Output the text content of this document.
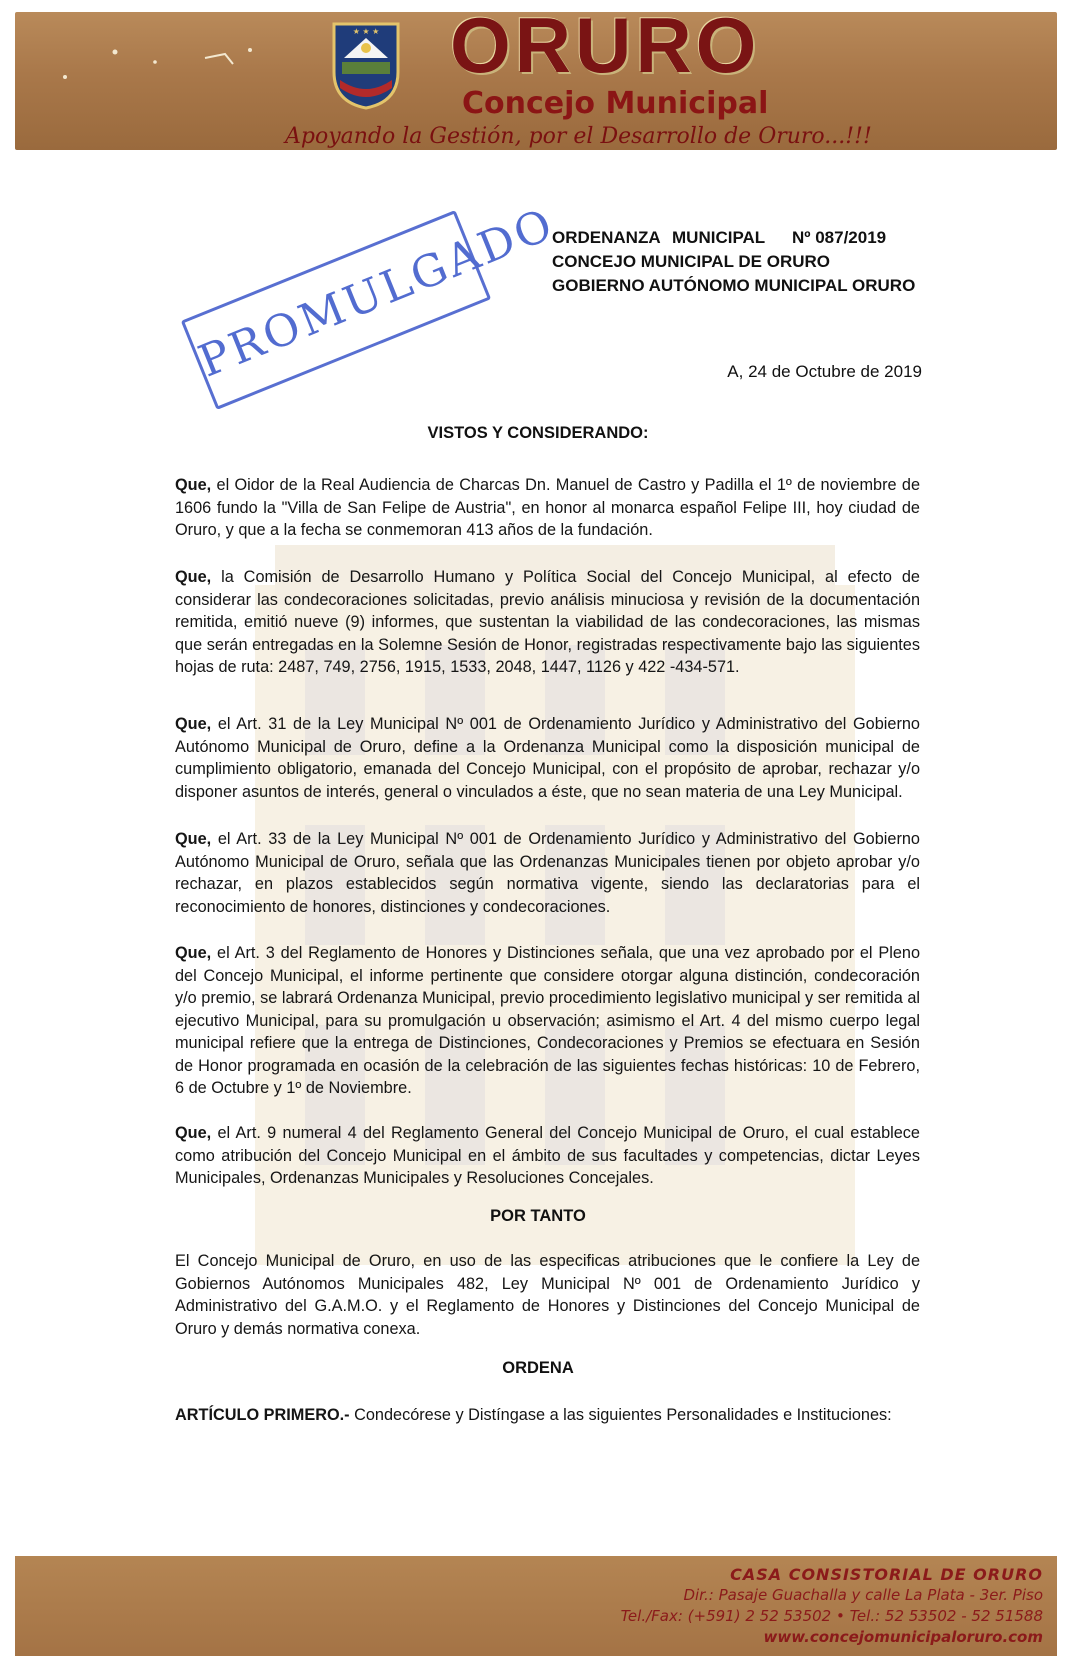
★ ★ ★ ORURO
Concejo Municipal
Apoyando la Gestión, por el Desarrollo de Oruro...!!!
PROMULGADO
ORDENANZA MUNICIPAL	Nº 087/2019
CONCEJO MUNICIPAL DE ORURO
GOBIERNO AUTÓNOMO MUNICIPAL ORURO
A, 24 de Octubre de 2019
VISTOS Y CONSIDERANDO:
Que, el Oidor de la Real Audiencia de Charcas Dn. Manuel de Castro y Padilla el 1º de noviembre de 1606 fundo la "Villa de San Felipe de Austria", en honor al monarca español Felipe III, hoy ciudad de Oruro, y que a la fecha se conmemoran 413 años de la fundación.
Que, la Comisión de Desarrollo Humano y Política Social del Concejo Municipal, al efecto de considerar las condecoraciones solicitadas, previo análisis minuciosa y revisión de la documentación remitida, emitió nueve (9) informes, que sustentan la viabilidad de las condecoraciones, las mismas que serán entregadas en la Solemne Sesión de Honor, registradas respectivamente bajo las siguientes hojas de ruta: 2487, 749, 2756, 1915, 1533, 2048, 1447, 1126 y 422 -434-571.
Que, el Art. 31 de la Ley Municipal Nº 001 de Ordenamiento Jurídico y Administrativo del Gobierno Autónomo Municipal de Oruro, define a la Ordenanza Municipal como la disposición municipal de cumplimiento obligatorio, emanada del Concejo Municipal, con el propósito de aprobar, rechazar y/o disponer asuntos de interés, general o vinculados a éste, que no sean materia de una Ley Municipal.
Que, el Art. 33 de la Ley Municipal Nº 001 de Ordenamiento Jurídico y Administrativo del Gobierno Autónomo Municipal de Oruro, señala que las Ordenanzas Municipales tienen por objeto aprobar y/o rechazar, en plazos establecidos según normativa vigente, siendo las declaratorias para el reconocimiento de honores, distinciones y condecoraciones.
Que, el Art. 3 del Reglamento de Honores y Distinciones señala, que una vez aprobado por el Pleno del Concejo Municipal, el informe pertinente que considere otorgar alguna distinción, condecoración y/o premio, se labrará Ordenanza Municipal, previo procedimiento legislativo municipal y ser remitida al ejecutivo Municipal, para su promulgación u observación; asimismo el Art. 4 del mismo cuerpo legal municipal refiere que la entrega de Distinciones, Condecoraciones y Premios se efectuara en Sesión de Honor programada en ocasión de la celebración de las siguientes fechas históricas: 10 de Febrero, 6 de Octubre y 1º de Noviembre.
Que, el Art. 9 numeral 4 del Reglamento General del Concejo Municipal de Oruro, el cual establece como atribución del Concejo Municipal en el ámbito de sus facultades y competencias, dictar Leyes Municipales, Ordenanzas Municipales y Resoluciones Concejales.
POR TANTO
El Concejo Municipal de Oruro, en uso de las especificas atribuciones que le confiere la Ley de Gobiernos Autónomos Municipales 482, Ley Municipal Nº 001 de Ordenamiento Jurídico y Administrativo del G.A.M.O. y el Reglamento de Honores y Distinciones del Concejo Municipal de Oruro y demás normativa conexa.
ORDENA
ARTÍCULO PRIMERO.- Condecórese y Distíngase a las siguientes Personalidades e Instituciones:
CASA CONSISTORIAL DE ORURO
Dir.: Pasaje Guachalla y calle La Plata - 3er. Piso
Tel./Fax: (+591) 2 52 53502 • Tel.: 52 53502 - 52 51588
www.concejomunicipaloruro.com
